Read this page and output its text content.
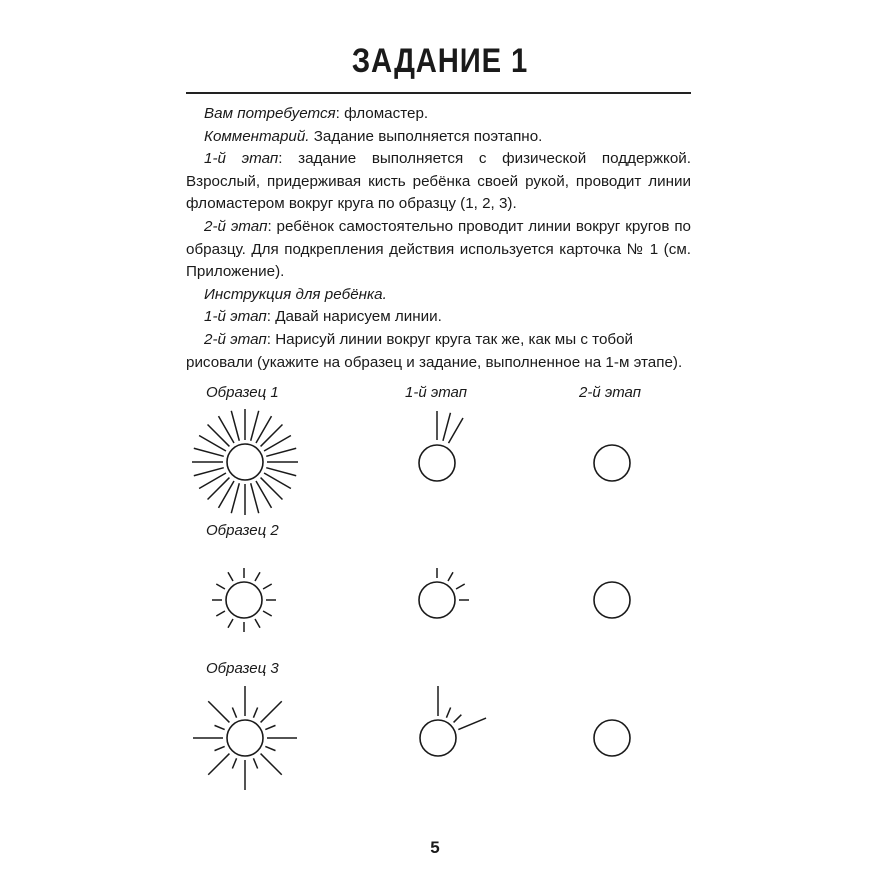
ЗАДАНИЕ 1

Вам потребуется: фломастер.

Комментарий. Задание выполняется поэтапно.

1-й этап: задание выполняется с физической поддержкой. Взрослый, придерживая кисть ребёнка своей рукой, проводит линии фломастером вокруг круга по образцу (1, 2, 3).

2-й этап: ребёнок самостоятельно проводит линии вокруг кругов по образцу. Для подкрепления действия используется карточка № 1 (см. Приложение).

Инструкция для ребёнка.

1-й этап: Давай нарисуем линии.

2-й этап: Нарисуй линии вокруг круга так же, как мы с тобой рисовали (укажите на образец и задание, выполненное на 1-м этапе).

Образец 1	1-й этап	2-й этап
Образец 2
Образец 3
5
